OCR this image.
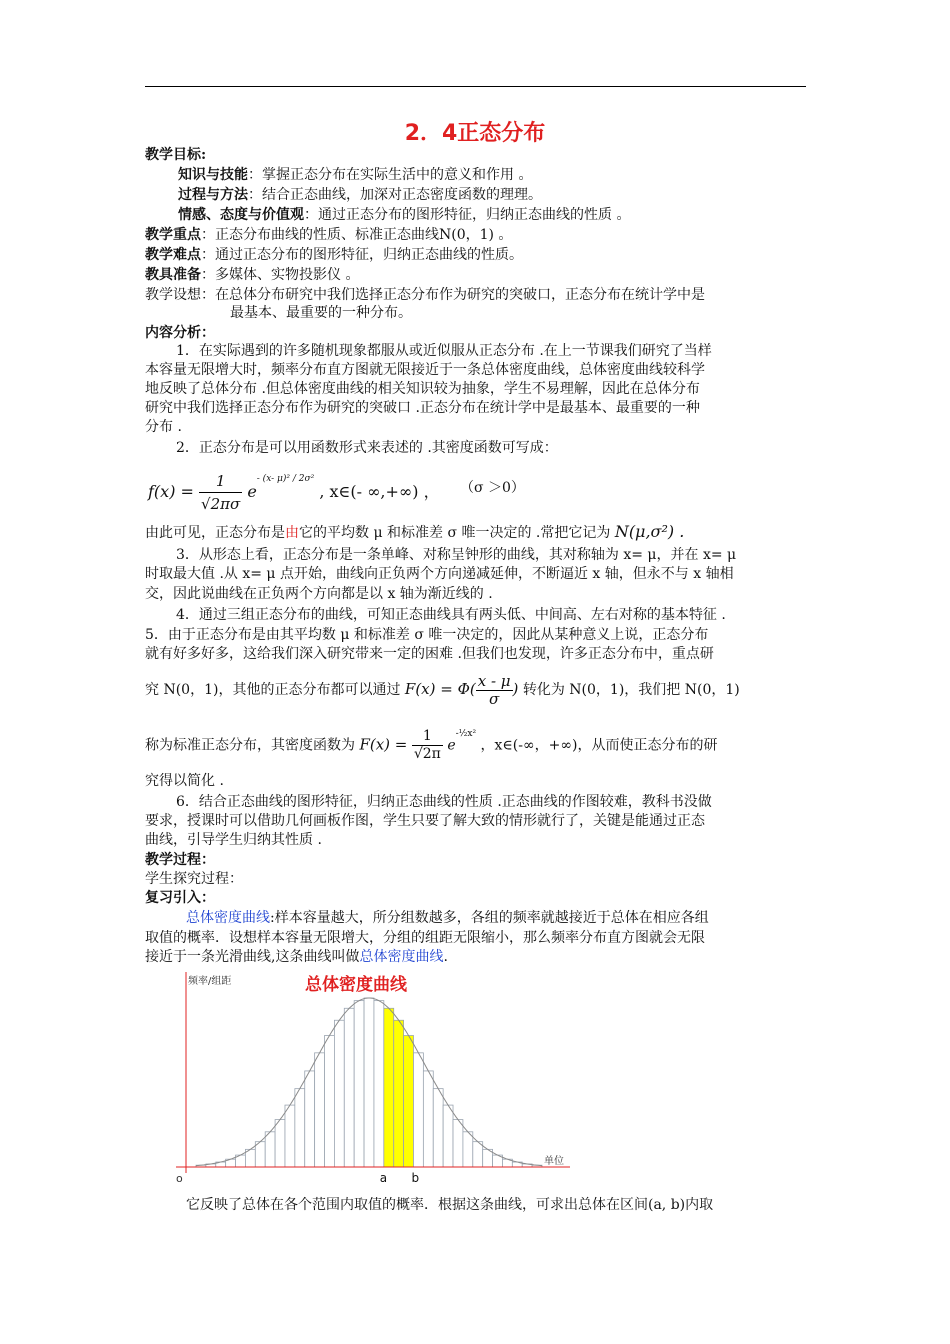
2．4正态分布
教学目标:
知识与技能：掌握正态分布在实际生活中的意义和作用 。
过程与方法：结合正态曲线，加深对正态密度函数的理理。
情感、态度与价值观：通过正态分布的图形特征，归纳正态曲线的性质 。
教学重点：正态分布曲线的性质、标准正态曲线N(0，1) 。
教学难点：通过正态分布的图形特征，归纳正态曲线的性质。
教具准备：多媒体、实物投影仪 。
教学设想：在总体分布研究中我们选择正态分布作为研究的突破口，正态分布在统计学中是
最基本、最重要的一种分布。
内容分析：
1．在实际遇到的许多随机现象都服从或近似服从正态分布 .在上一节课我们研究了当样
本容量无限增大时，频率分布直方图就无限接近于一条总体密度曲线，总体密度曲线较科学
地反映了总体分布 .但总体密度曲线的相关知识较为抽象，学生不易理解，因此在总体分布
研究中我们选择正态分布作为研究的突破口 .正态分布在统计学中是最基本、最重要的一种
分布 .
2．正态分布是可以用函数形式来表述的 .其密度函数可写成：
$f(x) = \frac{1}{√2\pi\sigma} e^{- (x- \mu)^2 / 2\sigma^2}$ , x∈(- ∞,+∞) ， （σ ＞0）
由此可见，正态分布是由它的平均数 μ 和标准差 σ 唯一决定的 .常把它记为 N(μ,σ²) .
3．从形态上看，正态分布是一条单峰、对称呈钟形的曲线，其对称轴为 x= μ，并在 x= μ
时取最大值 .从 x= μ 点开始，曲线向正负两个方向递减延伸，不断逼近 x 轴，但永不与 x 轴相
交，因此说曲线在正负两个方向都是以 x 轴为渐近线的 .
4．通过三组正态分布的曲线，可知正态曲线具有两头低、中间高、左右对称的基本特征 .
5．由于正态分布是由其平均数 μ 和标准差 σ 唯一决定的，因此从某种意义上说，正态分布
就有好多好多，这给我们深入研究带来一定的困难 .但我们也发现，许多正态分布中，重点研
究 N(0，1)，其他的正态分布都可以通过 $F(x) = \Phi( \frac{x - \mu}{\sigma}$ ) 转化为 N(0，1)，我们把 N(0，1)
称为标准正态分布，其密度函数为 $F(x) = \frac{1}{√2\pi} e^{-\frac{1}{2}x^2}$ ，x∈(-∞，+∞)，从而使正态分布的研
究得以简化 .
6．结合正态曲线的图形特征，归纳正态曲线的性质 .正态曲线的作图较难，教科书没做
要求，授课时可以借助几何画板作图，学生只要了解大致的情形就行了，关键是能通过正态
曲线，引导学生归纳其性质 .
教学过程：
学生探究过程：
复习引入：
总体密度曲线:样本容量越大，所分组数越多，各组的频率就越接近于总体在相应各组
取值的概率．设想样本容量无限增大，分组的组距无限缩小，那么频率分布直方图就会无限
接近于一条光滑曲线,这条曲线叫做总体密度曲线.
总体密度曲线
频率/组距
单位
o	a b
它反映了总体在各个范围内取值的概率．根据这条曲线，可求出总体在区间(a, b)内取
